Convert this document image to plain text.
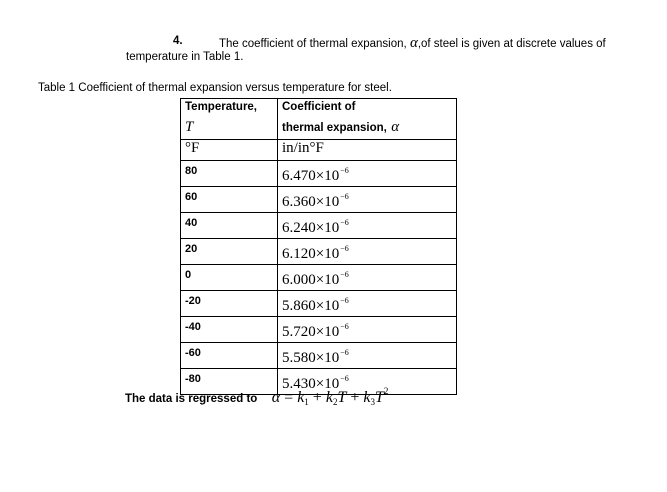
4.	The coefficient of thermal expansion, α,of steel is given at discrete values of
temperature in Table 1.
Table 1 Coefficient of thermal expansion versus temperature for steel.
Temperature,	Coefficient of
T	thermal expansion, α
°F	in/in°F
80	$6.470\times 10^{-6}$
60	$6.360\times 10^{-6}$
40	$6.240\times 10^{-6}$
20	$6.120\times 10^{-6}$
0	$6.000\times 10^{-6}$
-20	$5.860\times 10^{-6}$
-40	$5.720\times 10^{-6}$
-60	$5.580\times 10^{-6}$
-80	$5.430\times 10^{-6}$
The data is regressed to $\alpha = k_1 + k_2T + k_3T^2$
